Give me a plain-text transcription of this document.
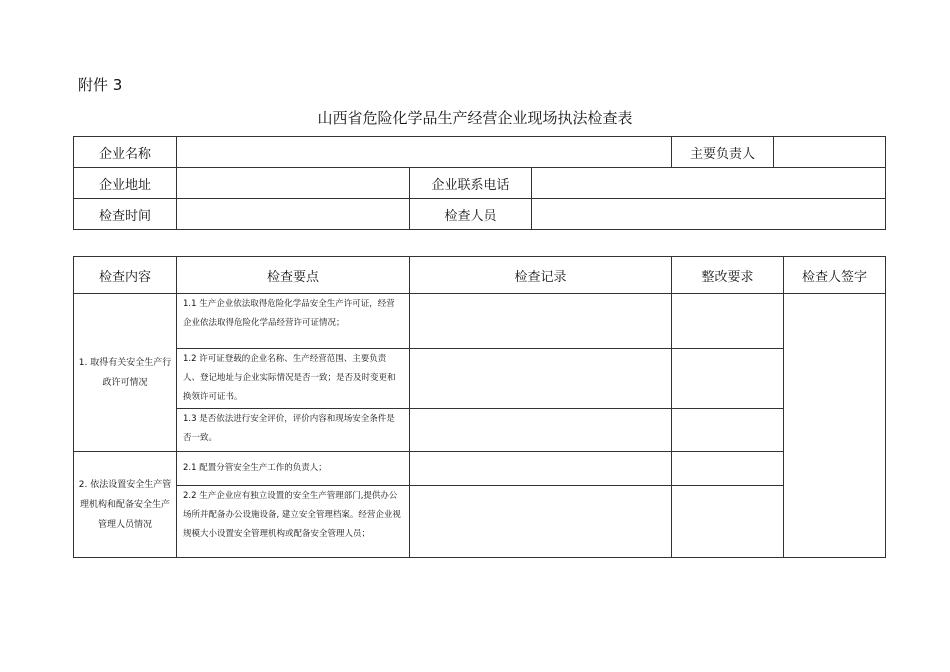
附件 3
山西省危险化学品生产经营企业现场执法检查表
企业名称				主要负责人	
企业地址		企业联系电话			
检查时间		检查人员			
检查内容	检查要点	检查记录	整改要求	检查人签字
1. 取得有关安全生产行政许可情况	1.1 生产企业依法取得危险化学品安全生产许可证，经营企业依法取得危险化学品经营许可证情况；			
	1.2 许可证登载的企业名称、生产经营范围、主要负责人、登记地址与企业实际情况是否一致；是否及时变更和换领许可证书。			
	1.3 是否依法进行安全评价，评价内容和现场安全条件是否一致。			
2. 依法设置安全生产管理机构和配备安全生产管理人员情况	2.1 配置分管安全生产工作的负责人；			
	2.2 生产企业应有独立设置的安全生产管理部门,提供办公场所并配备办公设施设备, 建立安全管理档案。经营企业视规模大小设置安全管理机构或配备安全管理人员；			
